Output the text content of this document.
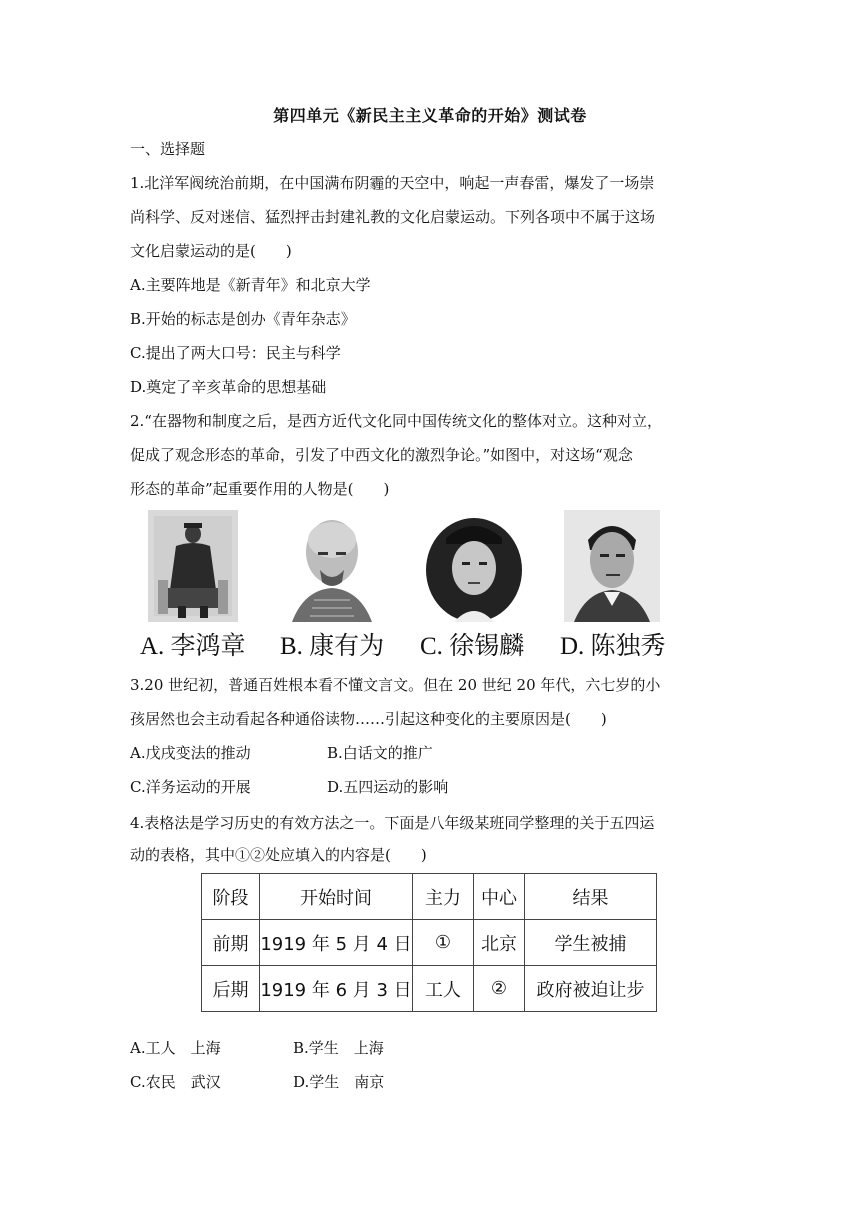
第四单元《新民主主义革命的开始》测试卷
一、选择题
1.北洋军阀统治前期，在中国满布阴霾的天空中，响起一声春雷，爆发了一场崇
尚科学、反对迷信、猛烈抨击封建礼教的文化启蒙运动。下列各项中不属于这场
文化启蒙运动的是(　　)
A.主要阵地是《新青年》和北京大学
B.开始的标志是创办《青年杂志》
C.提出了两大口号：民主与科学
D.奠定了辛亥革命的思想基础
2.“在器物和制度之后，是西方近代文化同中国传统文化的整体对立。这种对立，
促成了观念形态的革命，引发了中西文化的激烈争论。”如图中，对这场“观念
形态的革命”起重要作用的人物是(　　)
A. 李鸿章 B. 康有为 C. 徐锡麟 D. 陈独秀
3.20 世纪初，普通百姓根本看不懂文言文。但在 20 世纪 20 年代，六七岁的小
孩居然也会主动看起各种通俗读物……引起这种变化的主要原因是(　　)
A.戊戌变法的推动	B.白话文的推广
C.洋务运动的开展	D.五四运动的影响
4.表格法是学习历史的有效方法之一。下面是八年级某班同学整理的关于五四运
动的表格，其中①②处应填入的内容是(　　)
阶段	开始时间	主力	中心	结果
前期	1919 年 5 月 4 日	①	北京	学生被捕
后期	1919 年 6 月 3 日	工人	②	政府被迫让步
A.工人　上海	B.学生　上海
C.农民　武汉	D.学生　南京
